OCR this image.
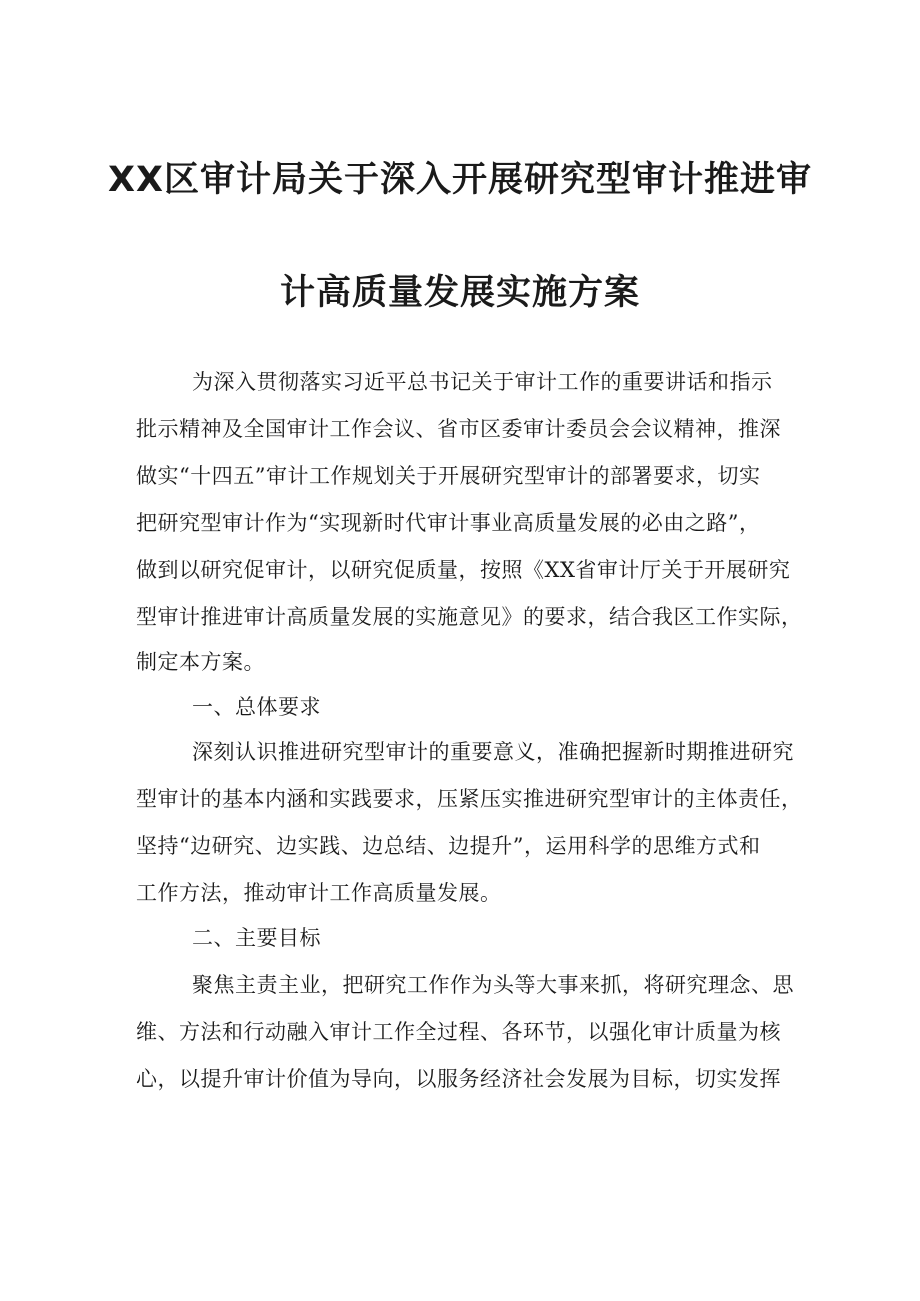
XX区审计局关于深入开展研究型审计推进审
计高质量发展实施方案
为深入贯彻落实习近平总书记关于审计工作的重要讲话和指示
批示精神及全国审计工作会议、省市区委审计委员会会议精神，推深
做实“十四五”审计工作规划关于开展研究型审计的部署要求，切实
把研究型审计作为“实现新时代审计事业高质量发展的必由之路”，
做到以研究促审计，以研究促质量，按照《XX省审计厅关于开展研究
型审计推进审计高质量发展的实施意见》的要求，结合我区工作实际，
制定本方案。
一、总体要求
深刻认识推进研究型审计的重要意义，准确把握新时期推进研究
型审计的基本内涵和实践要求，压紧压实推进研究型审计的主体责任，
坚持“边研究、边实践、边总结、边提升”，运用科学的思维方式和
工作方法，推动审计工作高质量发展。
二、主要目标
聚焦主责主业，把研究工作作为头等大事来抓，将研究理念、思
维、方法和行动融入审计工作全过程、各环节，以强化审计质量为核
心，以提升审计价值为导向，以服务经济社会发展为目标，切实发挥
